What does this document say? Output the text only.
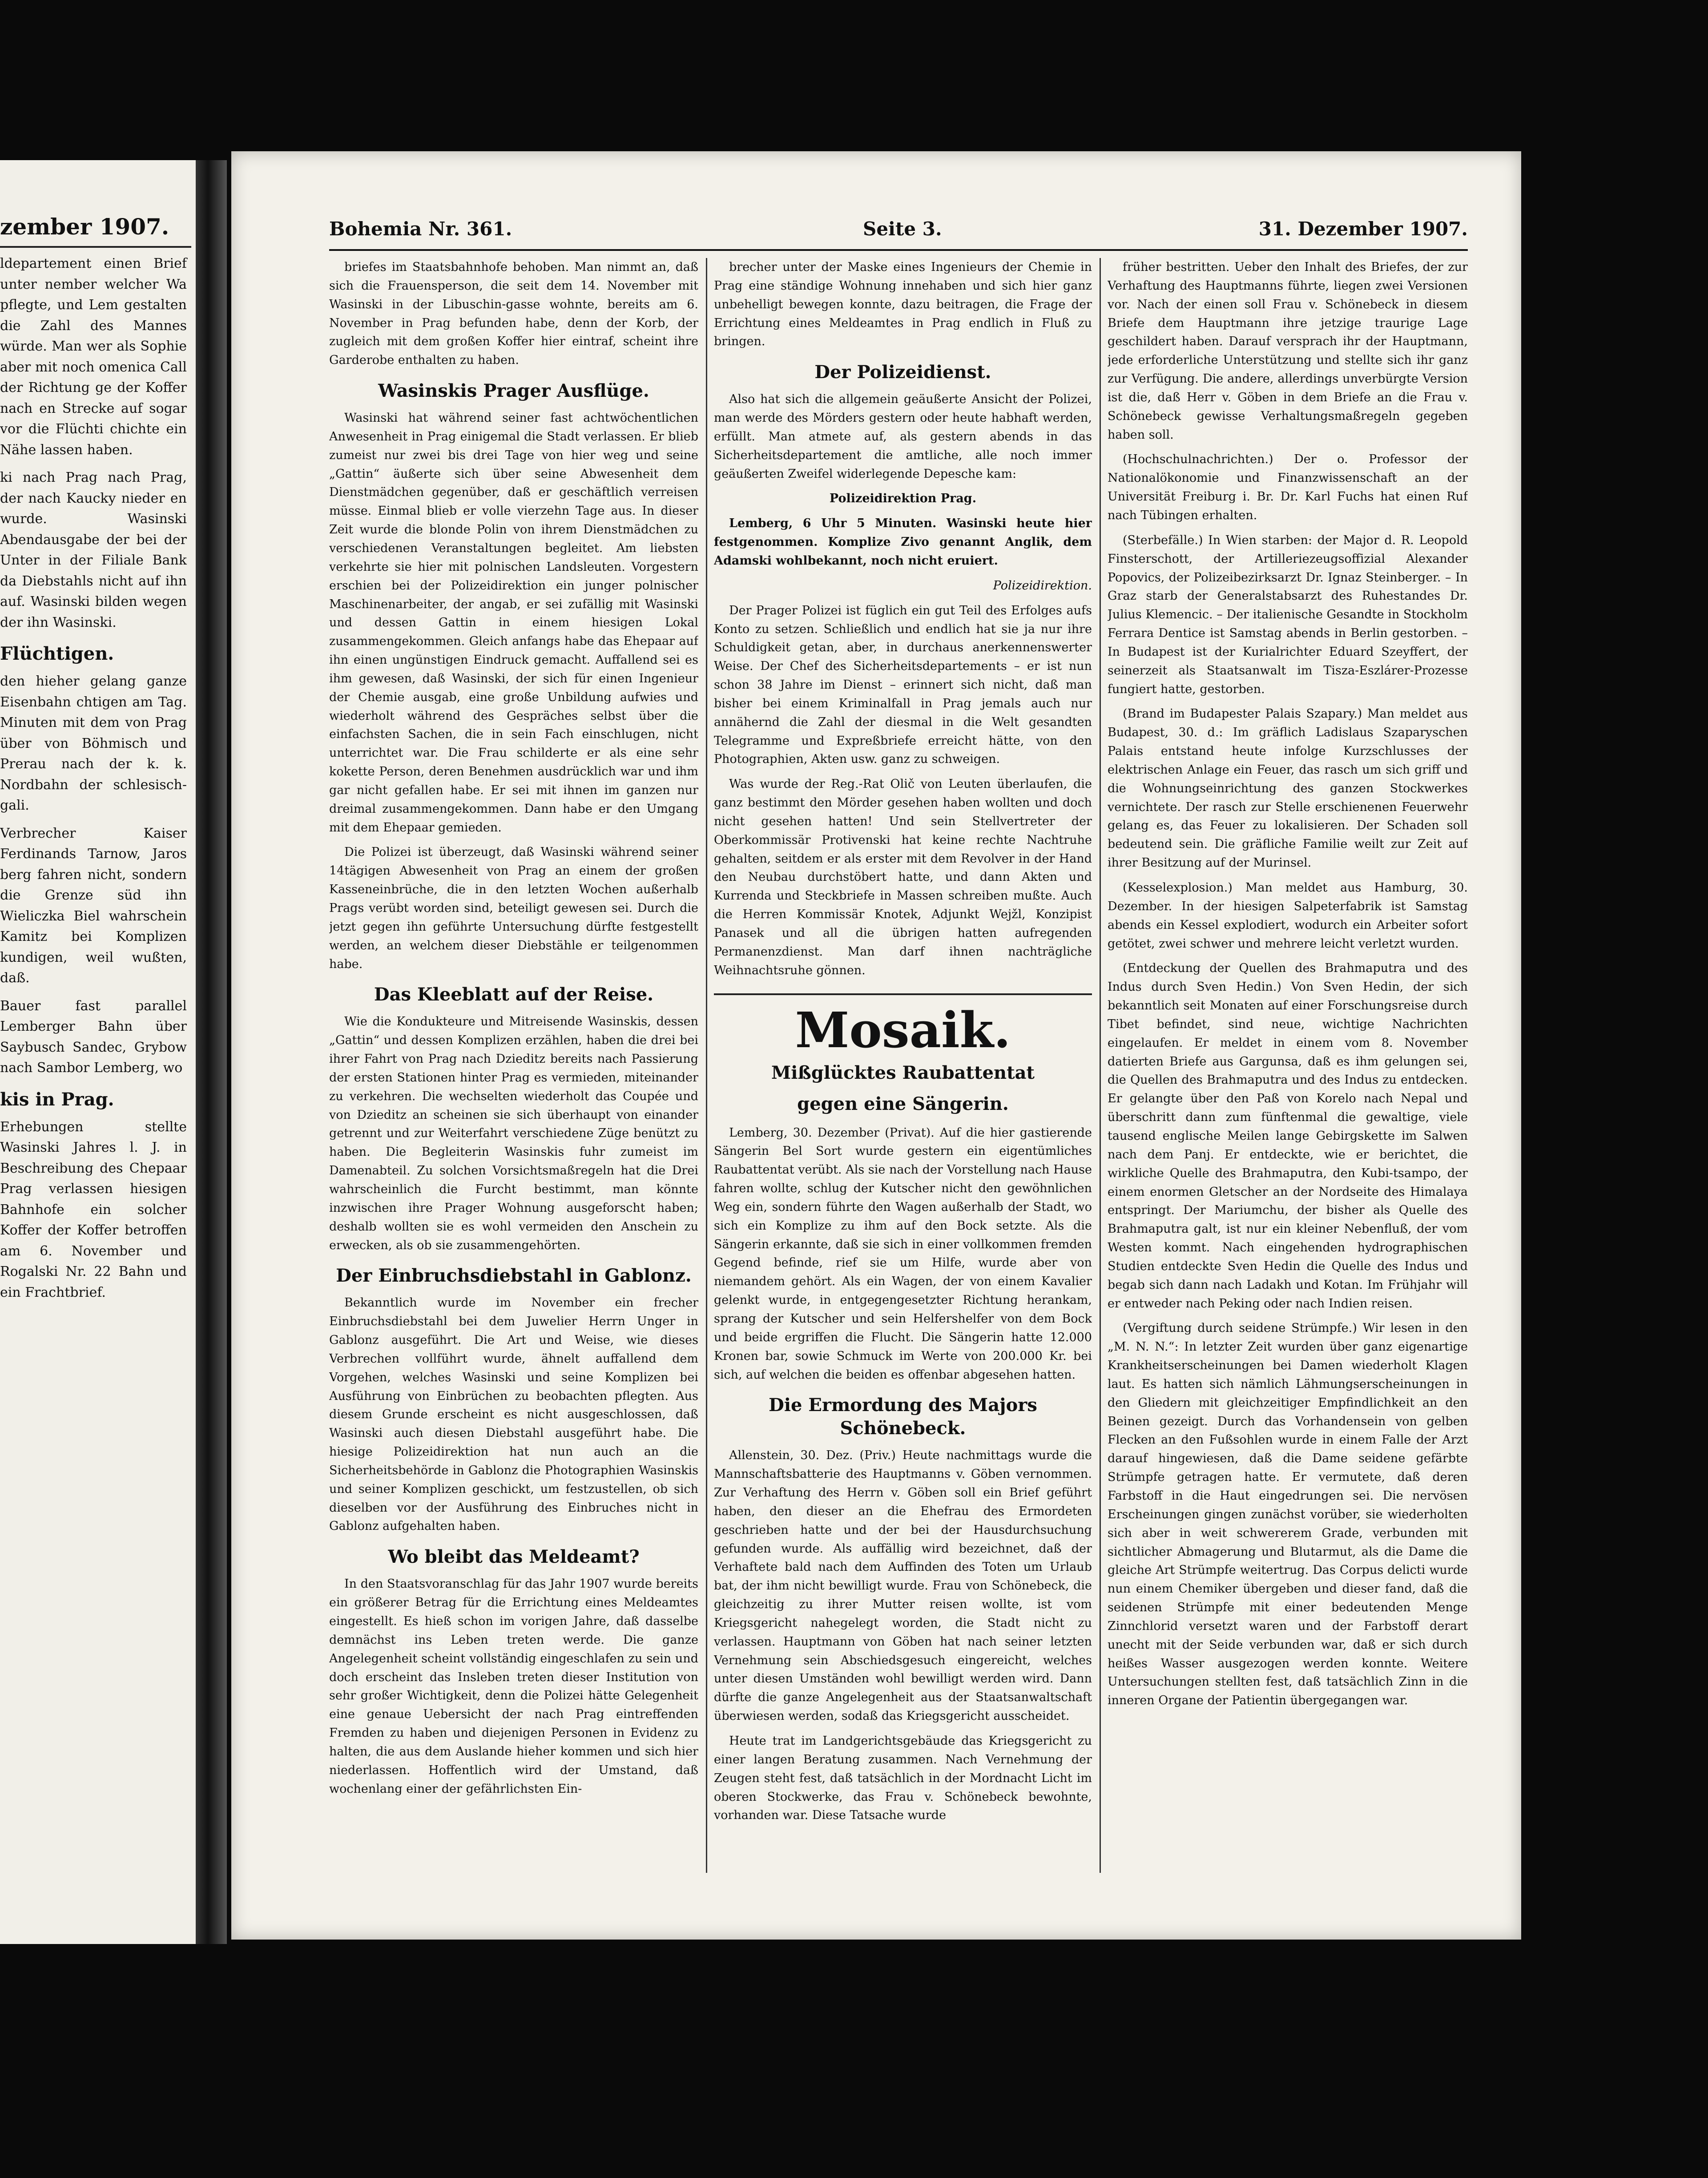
zember 1907.

ldepartement einen Brief unter nember welcher Wa pflegte, und Lem gestalten die Zahl des Mannes würde. Man wer als Sophie aber mit noch omenica Call der Richtung ge der Koffer nach en Strecke auf sogar vor die Flüchti chichte ein Nähe lassen haben.

ki nach Prag nach Prag, der nach Kaucky nieder en wurde. Wasinski Abendausgabe der bei der Unter in der Filiale Bank da Diebstahls nicht auf ihn auf. Wasinski bilden wegen der ihn Wasinski.

Flüchtigen.

den hieher gelang ganze Eisenbahn chtigen am Tag. Minuten mit dem von Prag über von Böhmisch und Prerau nach der k. k. Nordbahn der schlesisch-gali.

Verbrecher Kaiser Ferdinands Tarnow, Jaros berg fahren nicht, sondern die Grenze süd ihn Wieliczka Biel wahrschein Kamitz bei Komplizen kundigen, weil wußten, daß.

Bauer fast parallel Lemberger Bahn über Saybusch Sandec, Grybow nach Sambor Lemberg, wo

kis in Prag.

Erhebungen stellte Wasinski Jahres l. J. in Beschreibung des Chepaar Prag verlassen hiesigen Bahnhofe ein solcher Koffer der Koffer betroffen am 6. November und Rogalski Nr. 22 Bahn und ein Frachtbrief.

Bohemia Nr. 361.	Seite 3.	31. Dezember 1907.

briefes im Staatsbahnhofe behoben. Man nimmt an, daß sich die Frauensperson, die seit dem 14. November mit Wasinski in der Libuschin-gasse wohnte, bereits am 6. November in Prag befunden habe, denn der Korb, der zugleich mit dem großen Koffer hier eintraf, scheint ihre Garderobe enthalten zu haben.

Wasinskis Prager Ausflüge.

Wasinski hat während seiner fast achtwöchentlichen Anwesenheit in Prag einigemal die Stadt verlassen. Er blieb zumeist nur zwei bis drei Tage von hier weg und seine „Gattin“ äußerte sich über seine Abwesenheit dem Dienstmädchen gegenüber, daß er geschäftlich verreisen müsse. Einmal blieb er volle vierzehn Tage aus. In dieser Zeit wurde die blonde Polin von ihrem Dienstmädchen zu verschiedenen Veranstaltungen begleitet. Am liebsten verkehrte sie hier mit polnischen Landsleuten. Vorgestern erschien bei der Polizeidirektion ein junger polnischer Maschinenarbeiter, der angab, er sei zufällig mit Wasinski und dessen Gattin in einem hiesigen Lokal zusammengekommen. Gleich anfangs habe das Ehepaar auf ihn einen ungünstigen Eindruck gemacht. Auffallend sei es ihm gewesen, daß Wasinski, der sich für einen Ingenieur der Chemie ausgab, eine große Unbildung aufwies und wiederholt während des Gespräches selbst über die einfachsten Sachen, die in sein Fach einschlugen, nicht unterrichtet war. Die Frau schilderte er als eine sehr kokette Person, deren Benehmen ausdrücklich war und ihm gar nicht gefallen habe. Er sei mit ihnen im ganzen nur dreimal zusammengekommen. Dann habe er den Umgang mit dem Ehepaar gemieden.

Die Polizei ist überzeugt, daß Wasinski während seiner 14tägigen Abwesenheit von Prag an einem der großen Kasseneinbrüche, die in den letzten Wochen außerhalb Prags verübt worden sind, beteiligt gewesen sei. Durch die jetzt gegen ihn geführte Untersuchung dürfte festgestellt werden, an welchem dieser Diebstähle er teilgenommen habe.

Das Kleeblatt auf der Reise.

Wie die Kondukteure und Mitreisende Wasinskis, dessen „Gattin“ und dessen Komplizen erzählen, haben die drei bei ihrer Fahrt von Prag nach Dzieditz bereits nach Passierung der ersten Stationen hinter Prag es vermieden, miteinander zu verkehren. Die wechselten wiederholt das Coupée und von Dzieditz an scheinen sie sich überhaupt von einander getrennt und zur Weiterfahrt verschiedene Züge benützt zu haben. Die Begleiterin Wasinskis fuhr zumeist im Damenabteil. Zu solchen Vorsichtsmaßregeln hat die Drei wahrscheinlich die Furcht bestimmt, man könnte inzwischen ihre Prager Wohnung ausgeforscht haben; deshalb wollten sie es wohl vermeiden den Anschein zu erwecken, als ob sie zusammengehörten.

Der Einbruchsdiebstahl in Gablonz.

Bekanntlich wurde im November ein frecher Einbruchsdiebstahl bei dem Juwelier Herrn Unger in Gablonz ausgeführt. Die Art und Weise, wie dieses Verbrechen vollführt wurde, ähnelt auffallend dem Vorgehen, welches Wasinski und seine Komplizen bei Ausführung von Einbrüchen zu beobachten pflegten. Aus diesem Grunde erscheint es nicht ausgeschlossen, daß Wasinski auch diesen Diebstahl ausgeführt habe. Die hiesige Polizeidirektion hat nun auch an die Sicherheitsbehörde in Gablonz die Photographien Wasinskis und seiner Komplizen geschickt, um festzustellen, ob sich dieselben vor der Ausführung des Einbruches nicht in Gablonz aufgehalten haben.

Wo bleibt das Meldeamt?

In den Staatsvoranschlag für das Jahr 1907 wurde bereits ein größerer Betrag für die Errichtung eines Meldeamtes eingestellt. Es hieß schon im vorigen Jahre, daß dasselbe demnächst ins Leben treten werde. Die ganze Angelegenheit scheint vollständig eingeschlafen zu sein und doch erscheint das Insleben treten dieser Institution von sehr großer Wichtigkeit, denn die Polizei hätte Gelegenheit eine genaue Uebersicht der nach Prag eintreffenden Fremden zu haben und diejenigen Personen in Evidenz zu halten, die aus dem Auslande hieher kommen und sich hier niederlassen. Hoffentlich wird der Umstand, daß wochenlang einer der gefährlichsten Ein-

brecher unter der Maske eines Ingenieurs der Chemie in Prag eine ständige Wohnung innehaben und sich hier ganz unbehelligt bewegen konnte, dazu beitragen, die Frage der Errichtung eines Meldeamtes in Prag endlich in Fluß zu bringen.

Der Polizeidienst.

Also hat sich die allgemein geäußerte Ansicht der Polizei, man werde des Mörders gestern oder heute habhaft werden, erfüllt. Man atmete auf, als gestern abends in das Sicherheitsdepartement die amtliche, alle noch immer geäußerten Zweifel widerlegende Depesche kam:

Polizeidirektion Prag.

Lemberg, 6 Uhr 5 Minuten. Wasinski heute hier festgenommen. Komplize Zivo genannt Anglik, dem Adamski wohlbekannt, noch nicht eruiert.

Polizeidirektion.

Der Prager Polizei ist füglich ein gut Teil des Erfolges aufs Konto zu setzen. Schließlich und endlich hat sie ja nur ihre Schuldigkeit getan, aber, in durchaus anerkennenswerter Weise. Der Chef des Sicherheitsdepartements – er ist nun schon 38 Jahre im Dienst – erinnert sich nicht, daß man bisher bei einem Kriminalfall in Prag jemals auch nur annähernd die Zahl der diesmal in die Welt gesandten Telegramme und Expreßbriefe erreicht hätte, von den Photographien, Akten usw. ganz zu schweigen.

Was wurde der Reg.-Rat Olič von Leuten überlaufen, die ganz bestimmt den Mörder gesehen haben wollten und doch nicht gesehen hatten! Und sein Stellvertreter der Oberkommissär Protivenski hat keine rechte Nachtruhe gehalten, seitdem er als erster mit dem Revolver in der Hand den Neubau durchstöbert hatte, und dann Akten und Kurrenda und Steckbriefe in Massen schreiben mußte. Auch die Herren Kommissär Knotek, Adjunkt Wejžl, Konzipist Panasek und all die übrigen hatten aufregenden Permanenzdienst. Man darf ihnen nachträgliche Weihnachtsruhe gönnen.

Mosaik.
Mißglücktes Raubattentat
gegen eine Sängerin.

Lemberg, 30. Dezember (Privat). Auf die hier gastierende Sängerin Bel Sort wurde gestern ein eigentümliches Raubattentat verübt. Als sie nach der Vorstellung nach Hause fahren wollte, schlug der Kutscher nicht den gewöhnlichen Weg ein, sondern führte den Wagen außerhalb der Stadt, wo sich ein Komplize zu ihm auf den Bock setzte. Als die Sängerin erkannte, daß sie sich in einer vollkommen fremden Gegend befinde, rief sie um Hilfe, wurde aber von niemandem gehört. Als ein Wagen, der von einem Kavalier gelenkt wurde, in entgegengesetzter Richtung herankam, sprang der Kutscher und sein Helfershelfer von dem Bock und beide ergriffen die Flucht. Die Sängerin hatte 12.000 Kronen bar, sowie Schmuck im Werte von 200.000 Kr. bei sich, auf welchen die beiden es offenbar abgesehen hatten.

Die Ermordung des Majors Schönebeck.

Allenstein, 30. Dez. (Priv.) Heute nachmittags wurde die Mannschaftsbatterie des Hauptmanns v. Göben vernommen. Zur Verhaftung des Herrn v. Göben soll ein Brief geführt haben, den dieser an die Ehefrau des Ermordeten geschrieben hatte und der bei der Hausdurchsuchung gefunden wurde. Als auffällig wird bezeichnet, daß der Verhaftete bald nach dem Auffinden des Toten um Urlaub bat, der ihm nicht bewilligt wurde. Frau von Schönebeck, die gleichzeitig zu ihrer Mutter reisen wollte, ist vom Kriegsgericht nahegelegt worden, die Stadt nicht zu verlassen. Hauptmann von Göben hat nach seiner letzten Vernehmung sein Abschiedsgesuch eingereicht, welches unter diesen Umständen wohl bewilligt werden wird. Dann dürfte die ganze Angelegenheit aus der Staatsanwaltschaft überwiesen werden, sodaß das Kriegsgericht ausscheidet.

Heute trat im Landgerichtsgebäude das Kriegsgericht zu einer langen Beratung zusammen. Nach Vernehmung der Zeugen steht fest, daß tatsächlich in der Mordnacht Licht im oberen Stockwerke, das Frau v. Schönebeck bewohnte, vorhanden war. Diese Tatsache wurde

früher bestritten. Ueber den Inhalt des Briefes, der zur Verhaftung des Hauptmanns führte, liegen zwei Versionen vor. Nach der einen soll Frau v. Schönebeck in diesem Briefe dem Hauptmann ihre jetzige traurige Lage geschildert haben. Darauf versprach ihr der Hauptmann, jede erforderliche Unterstützung und stellte sich ihr ganz zur Verfügung. Die andere, allerdings unverbürgte Version ist die, daß Herr v. Göben in dem Briefe an die Frau v. Schönebeck gewisse Verhaltungsmaßregeln gegeben haben soll.

(Hochschulnachrichten.) Der o. Professor der Nationalökonomie und Finanzwissenschaft an der Universität Freiburg i. Br. Dr. Karl Fuchs hat einen Ruf nach Tübingen erhalten.

(Sterbefälle.) In Wien starben: der Major d. R. Leopold Finsterschott, der Artilleriezeugsoffizial Alexander Popovics, der Polizeibezirksarzt Dr. Ignaz Steinberger. – In Graz starb der Generalstabsarzt des Ruhestandes Dr. Julius Klemencic. – Der italienische Gesandte in Stockholm Ferrara Dentice ist Samstag abends in Berlin gestorben. – In Budapest ist der Kurialrichter Eduard Szeyffert, der seinerzeit als Staatsanwalt im Tisza-Eszlárer-Prozesse fungiert hatte, gestorben.

(Brand im Budapester Palais Szapary.) Man meldet aus Budapest, 30. d.: Im gräflich Ladislaus Szaparyschen Palais entstand heute infolge Kurzschlusses der elektrischen Anlage ein Feuer, das rasch um sich griff und die Wohnungseinrichtung des ganzen Stockwerkes vernichtete. Der rasch zur Stelle erschienenen Feuerwehr gelang es, das Feuer zu lokalisieren. Der Schaden soll bedeutend sein. Die gräfliche Familie weilt zur Zeit auf ihrer Besitzung auf der Murinsel.

(Kesselexplosion.) Man meldet aus Hamburg, 30. Dezember. In der hiesigen Salpeterfabrik ist Samstag abends ein Kessel explodiert, wodurch ein Arbeiter sofort getötet, zwei schwer und mehrere leicht verletzt wurden.

(Entdeckung der Quellen des Brahmaputra und des Indus durch Sven Hedin.) Von Sven Hedin, der sich bekanntlich seit Monaten auf einer Forschungsreise durch Tibet befindet, sind neue, wichtige Nachrichten eingelaufen. Er meldet in einem vom 8. November datierten Briefe aus Gargunsa, daß es ihm gelungen sei, die Quellen des Brahmaputra und des Indus zu entdecken. Er gelangte über den Paß von Korelo nach Nepal und überschritt dann zum fünftenmal die gewaltige, viele tausend englische Meilen lange Gebirgskette im Salwen nach dem Panj. Er entdeckte, wie er berichtet, die wirkliche Quelle des Brahmaputra, den Kubi-tsampo, der einem enormen Gletscher an der Nordseite des Himalaya entspringt. Der Mariumchu, der bisher als Quelle des Brahmaputra galt, ist nur ein kleiner Nebenfluß, der vom Westen kommt. Nach eingehenden hydrographischen Studien entdeckte Sven Hedin die Quelle des Indus und begab sich dann nach Ladakh und Kotan. Im Frühjahr will er entweder nach Peking oder nach Indien reisen.

(Vergiftung durch seidene Strümpfe.) Wir lesen in den „M. N. N.“: In letzter Zeit wurden über ganz eigenartige Krankheitserscheinungen bei Damen wiederholt Klagen laut. Es hatten sich nämlich Lähmungserscheinungen in den Gliedern mit gleichzeitiger Empfindlichkeit an den Beinen gezeigt. Durch das Vorhandensein von gelben Flecken an den Fußsohlen wurde in einem Falle der Arzt darauf hingewiesen, daß die Dame seidene gefärbte Strümpfe getragen hatte. Er vermutete, daß deren Farbstoff in die Haut eingedrungen sei. Die nervösen Erscheinungen gingen zunächst vorüber, sie wiederholten sich aber in weit schwererem Grade, verbunden mit sichtlicher Abmagerung und Blutarmut, als die Dame die gleiche Art Strümpfe weitertrug. Das Corpus delicti wurde nun einem Chemiker übergeben und dieser fand, daß die seidenen Strümpfe mit einer bedeutenden Menge Zinnchlorid versetzt waren und der Farbstoff derart unecht mit der Seide verbunden war, daß er sich durch heißes Wasser ausgezogen werden konnte. Weitere Untersuchungen stellten fest, daß tatsächlich Zinn in die inneren Organe der Patientin übergegangen war.
